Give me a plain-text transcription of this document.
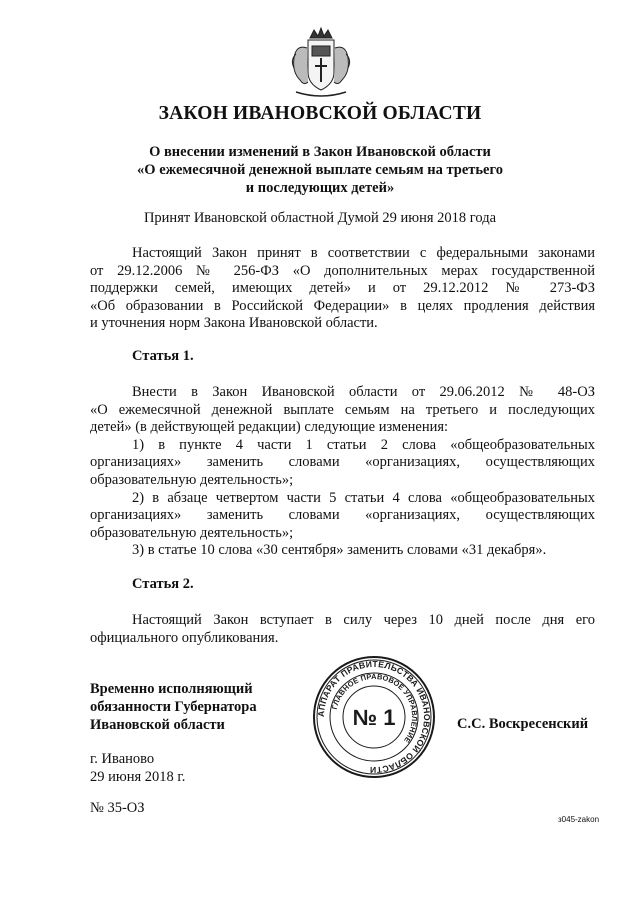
ЗАКОН ИВАНОВСКОЙ ОБЛАСТИ
О внесении изменений в Закон Ивановской области
«О ежемесячной денежной выплате семьям на третьего
и последующих детей»
Принят Ивановской областной Думой 29 июня 2018 года
Настоящий Закон принят в соответствии с федеральными законами
от 29.12.2006 № 256-ФЗ «О дополнительных мерах государственной
поддержки семей, имеющих детей» и от 29.12.2012 № 273-ФЗ
«Об образовании в Российской Федерации» в целях продления действия
и уточнения норм Закона Ивановской области.
Статья 1.
Внести в Закон Ивановской области от 29.06.2012 № 48-ОЗ
«О ежемесячной денежной выплате семьям на третьего и последующих
детей» (в действующей редакции) следующие изменения:
1) в пункте 4 части 1 статьи 2 слова «общеобразовательных
организациях» заменить словами «организациях, осуществляющих
образовательную деятельность»;
2) в абзаце четвертом части 5 статьи 4 слова «общеобразовательных
организациях» заменить словами «организациях, осуществляющих
образовательную деятельность»;
3) в статье 10 слова «30 сентября» заменить словами «31 декабря».
Статья 2.
Настоящий Закон вступает в силу через 10 дней после дня его
официального опубликования.
Временно исполняющий
обязанности Губернатора
Ивановской области
АППАРАТ ПРАВИТЕЛЬСТВА ИВАНОВСКОЙ ОБЛАСТИ
ГЛАВНОЕ ПРАВОВОЕ УПРАВЛЕНИЕ
№ 1	С.С. Воскресенский
г. Иваново
29 июня 2018 г.
№ 35-ОЗ
з045-zakon
